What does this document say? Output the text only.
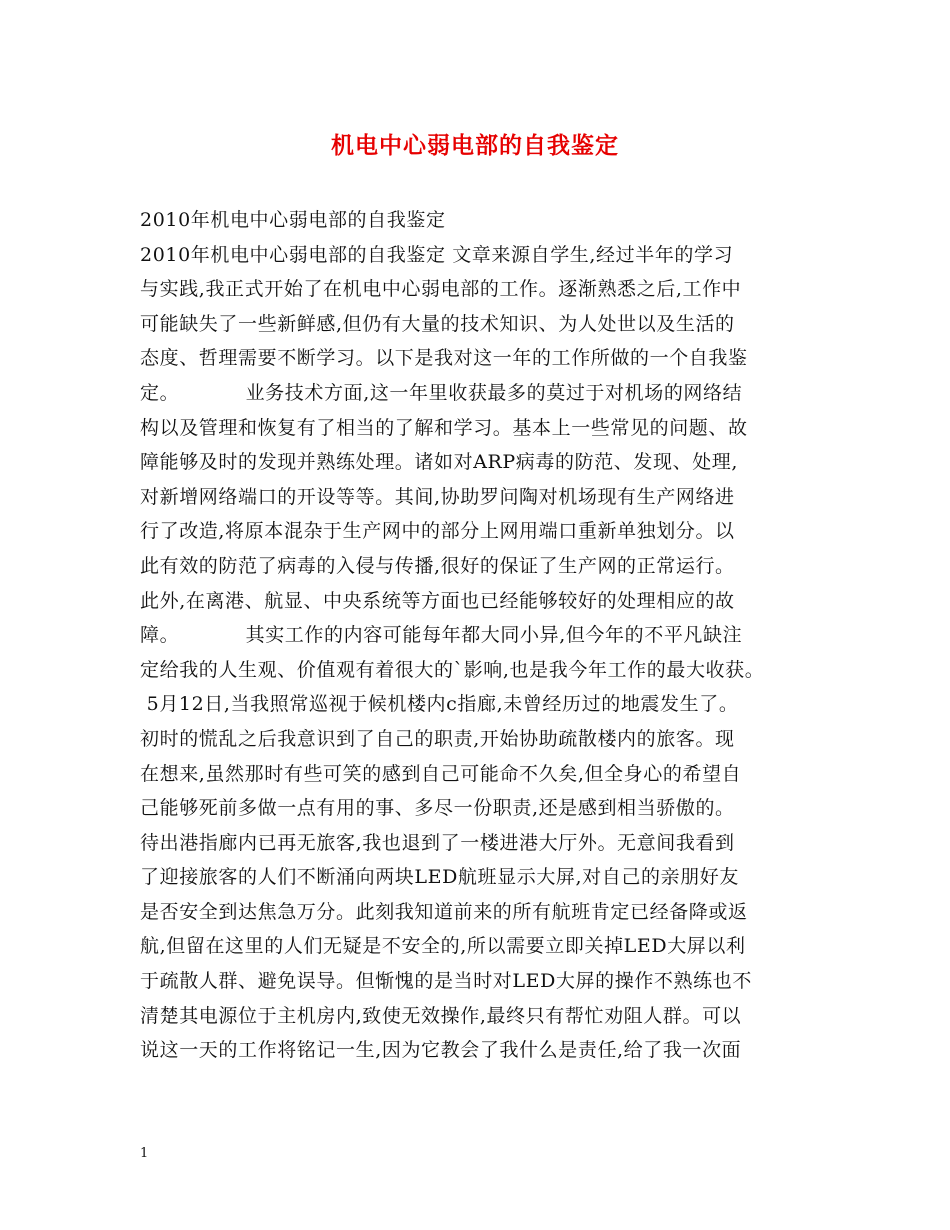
机电中心弱电部的自我鉴定
2010年机电中心弱电部的自我鉴定
2010年机电中心弱电部的自我鉴定 文章来源自学生,经过半年的学习
与实践,我正式开始了在机电中心弱电部的工作。逐渐熟悉之后,工作中
可能缺失了一些新鲜感,但仍有大量的技术知识、为人处世以及生活的
态度、哲理需要不断学习。以下是我对这一年的工作所做的一个自我鉴
定。          业务技术方面,这一年里收获最多的莫过于对机场的网络结
构以及管理和恢复有了相当的了解和学习。基本上一些常见的问题、故
障能够及时的发现并熟练处理。诸如对ARP病毒的防范、发现、处理,
对新增网络端口的开设等等。其间,协助罗问陶对机场现有生产网络进
行了改造,将原本混杂于生产网中的部分上网用端口重新单独划分。以
此有效的防范了病毒的入侵与传播,很好的保证了生产网的正常运行。
此外,在离港、航显、中央系统等方面也已经能够较好的处理相应的故
障。          其实工作的内容可能每年都大同小异,但今年的不平凡缺注
定给我的人生观、价值观有着很大的`影响,也是我今年工作的最大收获。
5月12日,当我照常巡视于候机楼内c指廊,未曾经历过的地震发生了。
初时的慌乱之后我意识到了自己的职责,开始协助疏散楼内的旅客。现
在想来,虽然那时有些可笑的感到自己可能命不久矣,但全身心的希望自
己能够死前多做一点有用的事、多尽一份职责,还是感到相当骄傲的。
待出港指廊内已再无旅客,我也退到了一楼进港大厅外。无意间我看到
了迎接旅客的人们不断涌向两块LED航班显示大屏,对自己的亲朋好友
是否安全到达焦急万分。此刻我知道前来的所有航班肯定已经备降或返
航,但留在这里的人们无疑是不安全的,所以需要立即关掉LED大屏以利
于疏散人群、避免误导。但惭愧的是当时对LED大屏的操作不熟练也不
清楚其电源位于主机房内,致使无效操作,最终只有帮忙劝阻人群。可以
说这一天的工作将铭记一生,因为它教会了我什么是责任,给了我一次面
1
